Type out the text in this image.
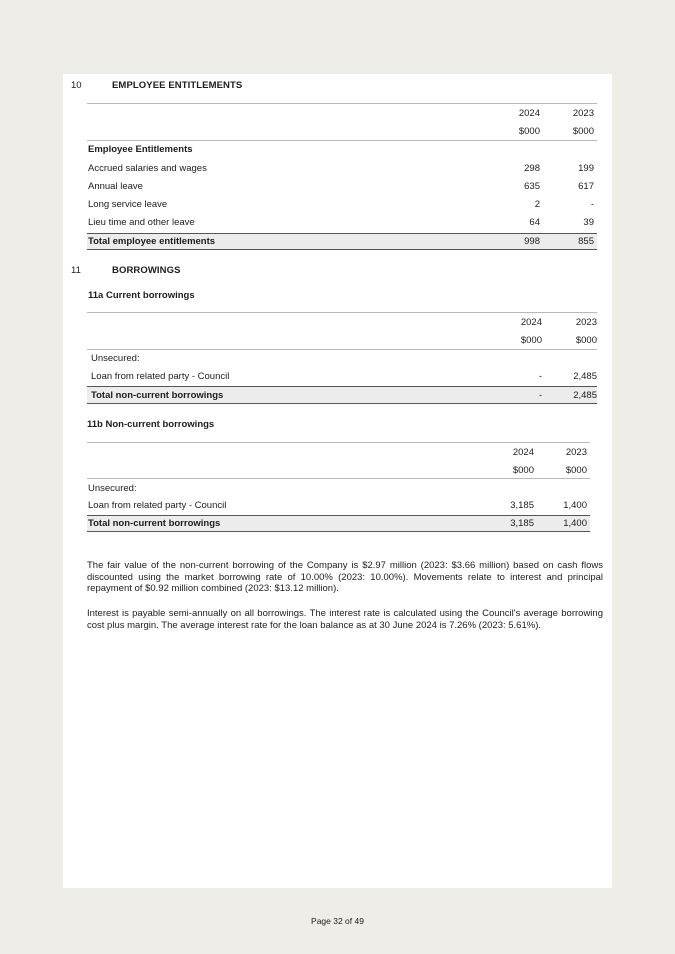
10	EMPLOYEE ENTITLEMENTS
2024	2023
$000	$000
Employee Entitlements
Accrued salaries and wages	298	199
Annual leave	635	617
Long service leave	2	-
Lieu time and other leave	64	39
Total employee entitlements	998	855
11	BORROWINGS
11a Current borrowings
2024	2023
$000	$000
Unsecured:
Loan from related party - Council	-	2,485
Total non-current borrowings	-	2,485
11b Non-current borrowings
2024	2023
$000	$000
Unsecured:
Loan from related party - Council	3,185	1,400
Total non-current borrowings	3,185	1,400
The fair value of the non-current borrowing of the Company is $2.97 million (2023: $3.66 million) based on cash flows discounted using the market borrowing rate of 10.00% (2023: 10.00%). Movements relate to interest and principal repayment of $0.92 million combined (2023: $13.12 million).
Interest is payable semi-annually on all borrowings. The interest rate is calculated using the Council's average borrowing cost plus margin. The average interest rate for the loan balance as at 30 June 2024 is 7.26% (2023: 5.61%).
Page 32 of 49
